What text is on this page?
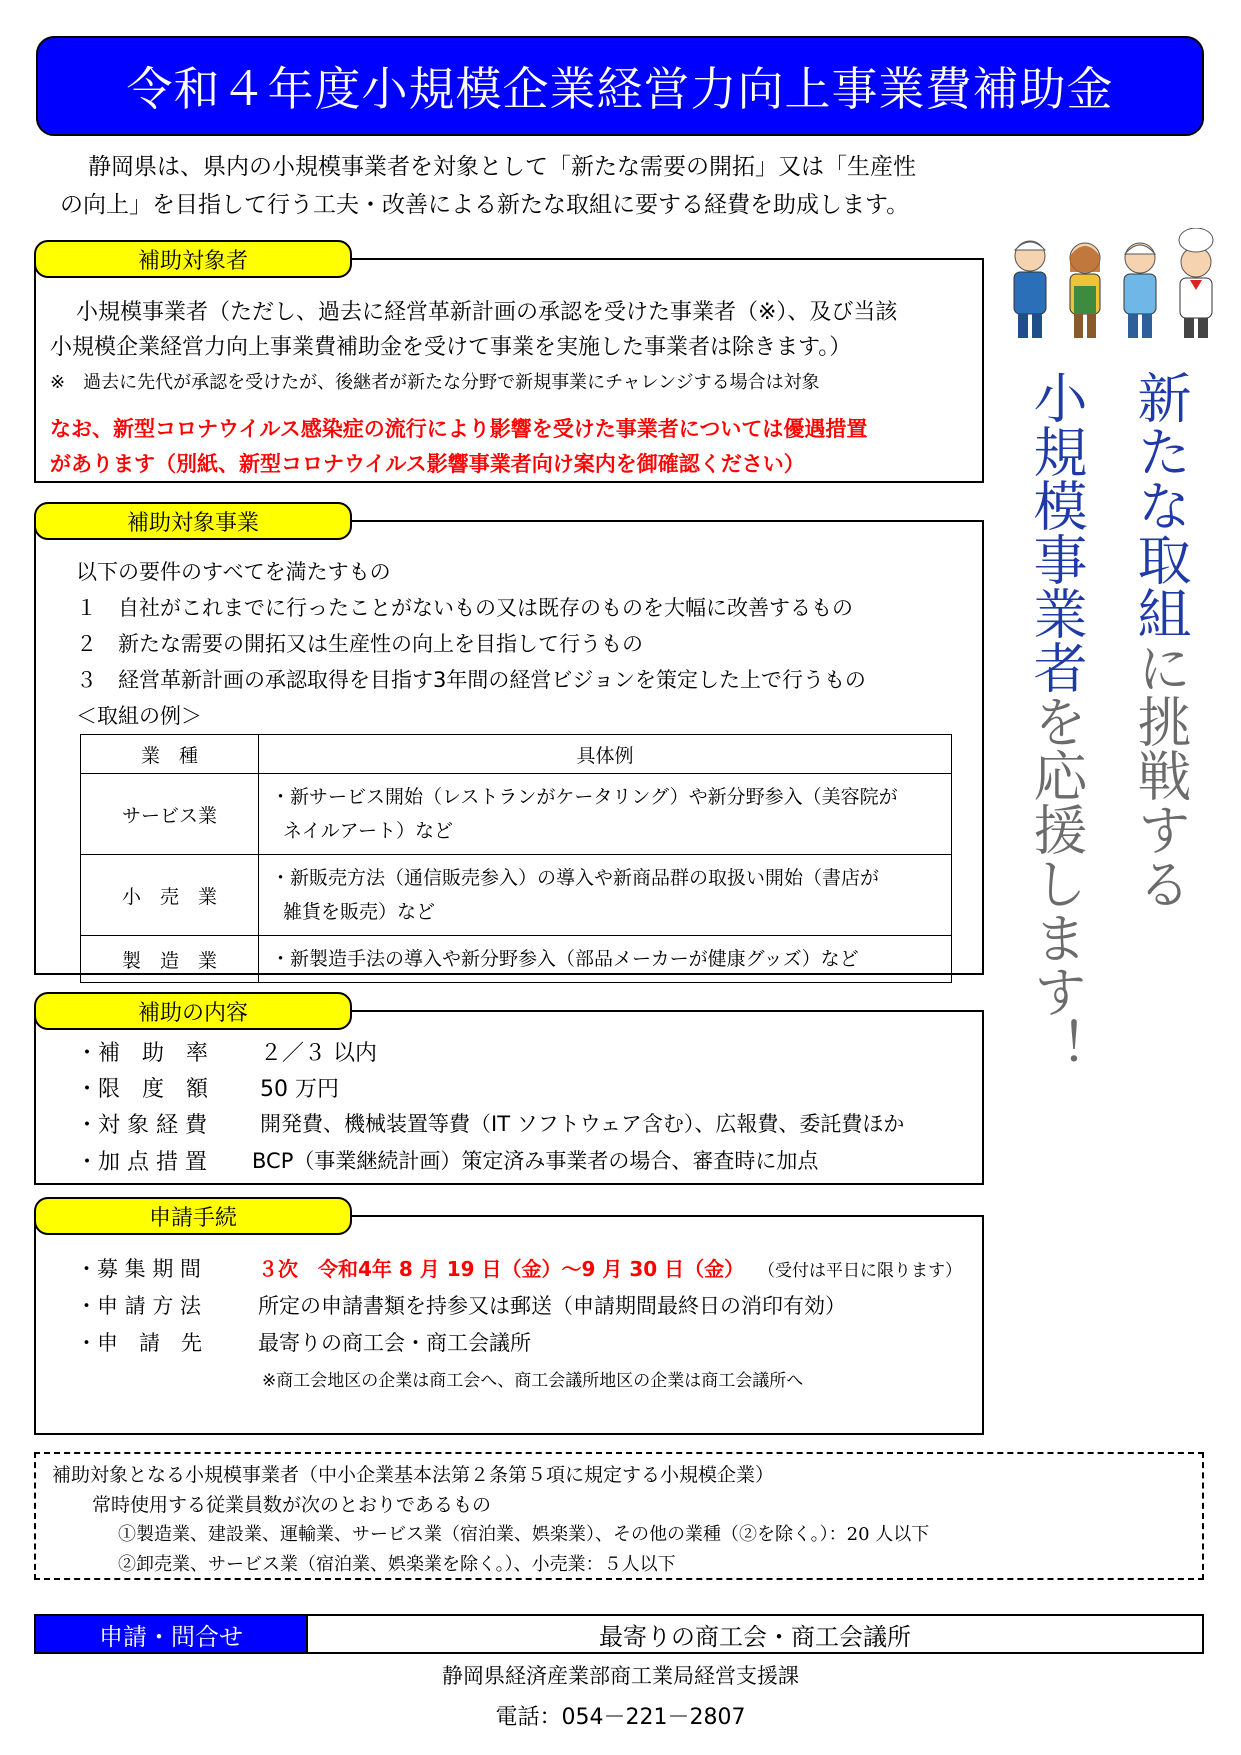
令和４年度小規模企業経営力向上事業費補助金
静岡県は、県内の小規模事業者を対象として「新たな需要の開拓」又は「生産性
の向上」を目指して行う工夫・改善による新たな取組に要する経費を助成します。
新たな取組に挑戦する
小規模事業者を応援します！
補助対象者
小規模事業者（ただし、過去に経営革新計画の承認を受けた事業者（※）、及び当該
小規模企業経営力向上事業費補助金を受けて事業を実施した事業者は除きます。）
※　過去に先代が承認を受けたが、後継者が新たな分野で新規事業にチャレンジする場合は対象
なお、新型コロナウイルス感染症の流行により影響を受けた事業者については優遇措置
があります（別紙、新型コロナウイルス影響事業者向け案内を御確認ください）
補助対象事業
以下の要件のすべてを満たすもの
１　自社がこれまでに行ったことがないもの又は既存のものを大幅に改善するもの
２　新たな需要の開拓又は生産性の向上を目指して行うもの
３　経営革新計画の承認取得を目指す3年間の経営ビジョンを策定した上で行うもの
＜取組の例＞
業　種	具体例
サービス業	・新サービス開始（レストランがケータリング）や新分野参入（美容院が
ネイルアート）など

小　売　業	・新販売方法（通信販売参入）の導入や新商品群の取扱い開始（書店が
雑貨を販売）など

製　造　業	・新製造手法の導入や新分野参入（部品メーカーが健康グッズ）など
補助の内容
・補　助　率 ２／３ 以内
・限　度　額 50 万円
・対 象 経 費	開発費、機械装置等費（IT ソフトウェア含む）、広報費、委託費ほか
・加 点 措 置 BCP（事業継続計画）策定済み事業者の場合、審査時に加点
申請手続
・募 集 期 間	３次　令和4年 8 月 19 日（金）～9 月 30 日（金） （受付は平日に限ります）
・申 請 方 法	所定の申請書類を持参又は郵送（申請期間最終日の消印有効）
・申　請　先	最寄りの商工会・商工会議所
※商工会地区の企業は商工会へ、商工会議所地区の企業は商工会議所へ
補助対象となる小規模事業者（中小企業基本法第２条第５項に規定する小規模企業）
常時使用する従業員数が次のとおりであるもの
①製造業、建設業、運輸業、サービス業（宿泊業、娯楽業）、その他の業種（②を除く。）：20 人以下
②卸売業、サービス業（宿泊業、娯楽業を除く。）、小売業：５人以下
申請・問合せ	最寄りの商工会・商工会議所
静岡県経済産業部商工業局経営支援課
電話：054－221－2807
